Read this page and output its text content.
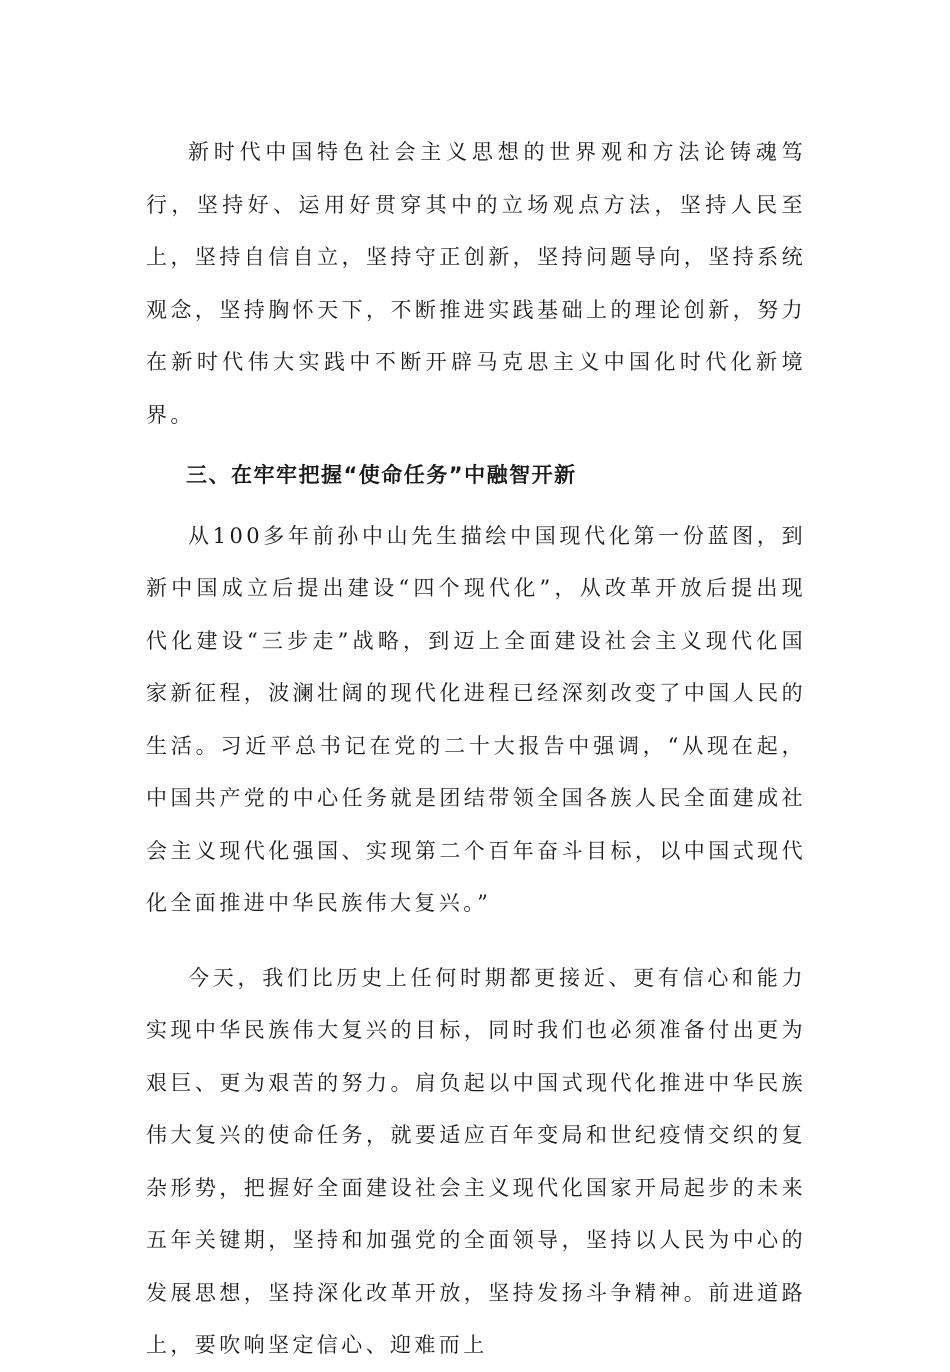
新时代中国特色社会主义思想的世界观和方法论铸魂笃行，坚持好、运用好贯穿其中的立场观点方法，坚持人民至上，坚持自信自立，坚持守正创新，坚持问题导向，坚持系统观念，坚持胸怀天下，不断推进实践基础上的理论创新，努力在新时代伟大实践中不断开辟马克思主义中国化时代化新境界。

三、在牢牢把握“使命任务”中融智开新

从100多年前孙中山先生描绘中国现代化第一份蓝图，到新中国成立后提出建设“四个现代化”，从改革开放后提出现代化建设“三步走”战略，到迈上全面建设社会主义现代化国家新征程，波澜壮阔的现代化进程已经深刻改变了中国人民的生活。习近平总书记在党的二十大报告中强调，“从现在起，中国共产党的中心任务就是团结带领全国各族人民全面建成社会主义现代化强国、实现第二个百年奋斗目标，以中国式现代化全面推进中华民族伟大复兴。”

今天，我们比历史上任何时期都更接近、更有信心和能力实现中华民族伟大复兴的目标，同时我们也必须准备付出更为艰巨、更为艰苦的努力。肩负起以中国式现代化推进中华民族伟大复兴的使命任务，就要适应百年变局和世纪疫情交织的复杂形势，把握好全面建设社会主义现代化国家开局起步的未来五年关键期，坚持和加强党的全面领导，坚持以人民为中心的发展思想，坚持深化改革开放，坚持发扬斗争精神。前进道路上，要吹响坚定信心、迎难而上
